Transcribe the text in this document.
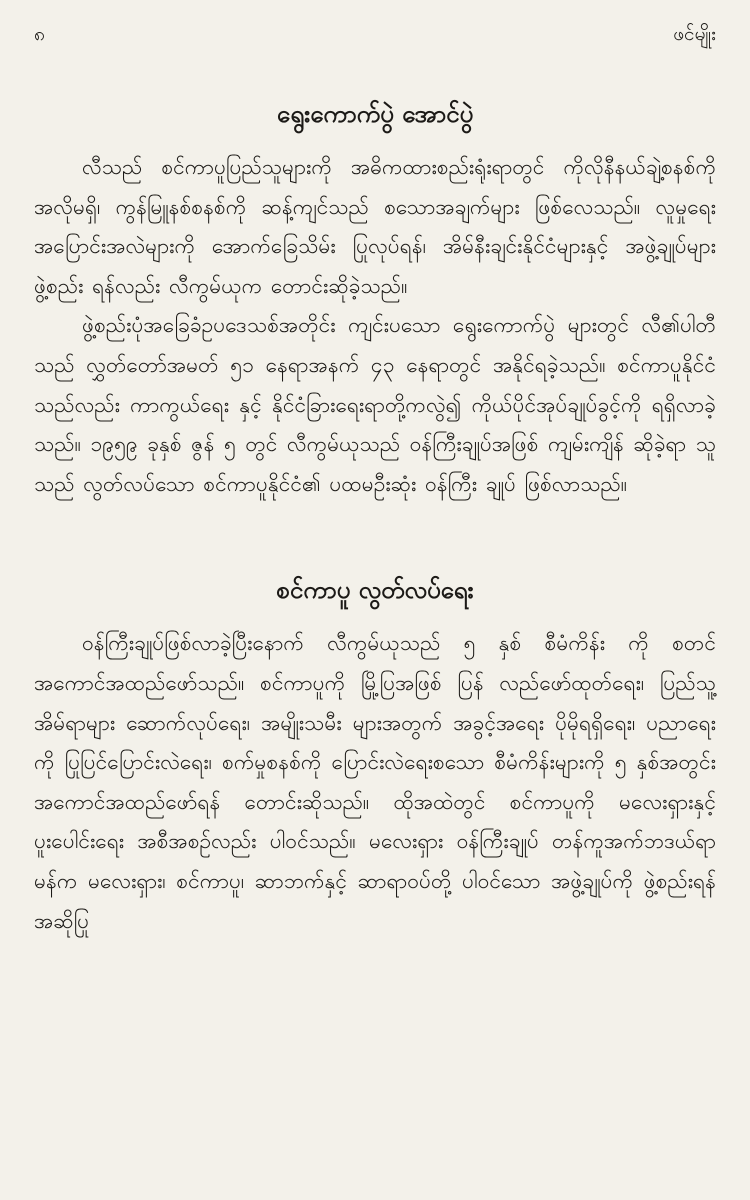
၈	ဖင်မျိုး
ရွေးကောက်ပွဲ အောင်ပွဲ

လီသည် စင်ကာပူပြည်သူများကို အဓိကထားစည်းရုံးရာတွင် ကိုလိုနီနယ်ချဲ့စနစ်ကို အလိုမရှိ၊ ကွန်မြူနစ်စနစ်ကို ဆန့်ကျင်သည် စသောအချက်များ ဖြစ်လေသည်။ လူမှုရေးအပြောင်းအလဲများကို အောက်ခြေသိမ်း ပြုလုပ်ရန်၊ အိမ်နီးချင်းနိုင်ငံများနှင့် အဖွဲ့ချုပ်များဖွဲ့စည်း ရန်လည်း လီကွမ်ယုက တောင်းဆိုခဲ့သည်။

ဖွဲ့စည်းပုံအခြေခံဥပဒေသစ်အတိုင်း ကျင်းပသော ရွေးကောက်ပွဲ များတွင် လီ၏ပါတီသည် လွှတ်တော်အမတ် ၅၁ နေရာအနက် ၄၃ နေရာတွင် အနိုင်ရခဲ့သည်။ စင်ကာပူနိုင်ငံသည်လည်း ကာကွယ်ရေး နှင့် နိုင်ငံခြားရေးရာတို့ကလွဲ၍ ကိုယ်ပိုင်အုပ်ချုပ်ခွင့်ကို ရရှိလာခဲ့သည်။ ၁၉၅၉ ခုနှစ် ဇွန် ၅ တွင် လီကွမ်ယုသည် ဝန်ကြီးချုပ်အဖြစ် ကျမ်းကျိန် ဆိုခဲ့ရာ သူသည် လွတ်လပ်သော စင်ကာပူနိုင်ငံ၏ ပထမဦးဆုံး ဝန်ကြီး ချုပ် ဖြစ်လာသည်။

စင်ကာပူ လွတ်လပ်ရေး

ဝန်ကြီးချုပ်ဖြစ်လာခဲ့ပြီးနောက် လီကွမ်ယုသည် ၅ နှစ် စီမံကိန်း ကို စတင် အကောင်အထည်ဖော်သည်။ စင်ကာပူကို မြို့ပြအဖြစ် ပြန် လည်ဖော်ထုတ်ရေး၊ ပြည်သူ့အိမ်ရာများ ဆောက်လုပ်ရေး၊ အမျိုးသမီး များအတွက် အခွင့်အရေး ပိုမိုရရှိရေး၊ ပညာရေးကို ပြုပြင်ပြောင်းလဲရေး၊ စက်မှုစနစ်ကို ပြောင်းလဲရေးစသော စီမံကိန်းများကို ၅ နှစ်အတွင်း အကောင်အထည်ဖော်ရန် တောင်းဆိုသည်။ ထိုအထဲတွင် စင်ကာပူကို မလေးရှားနှင့် ပူးပေါင်းရေး အစီအစဉ်လည်း ပါဝင်သည်။ မလေးရှား ဝန်ကြီးချုပ် တန်ကူအက်ဘဒယ်ရာမန်က မလေးရှား၊ စင်ကာပူ၊ ဆာဘက်နှင့် ဆာရာဝပ်တို့ ပါဝင်သော အဖွဲ့ချုပ်ကို ဖွဲ့စည်းရန် အဆိုပြု
